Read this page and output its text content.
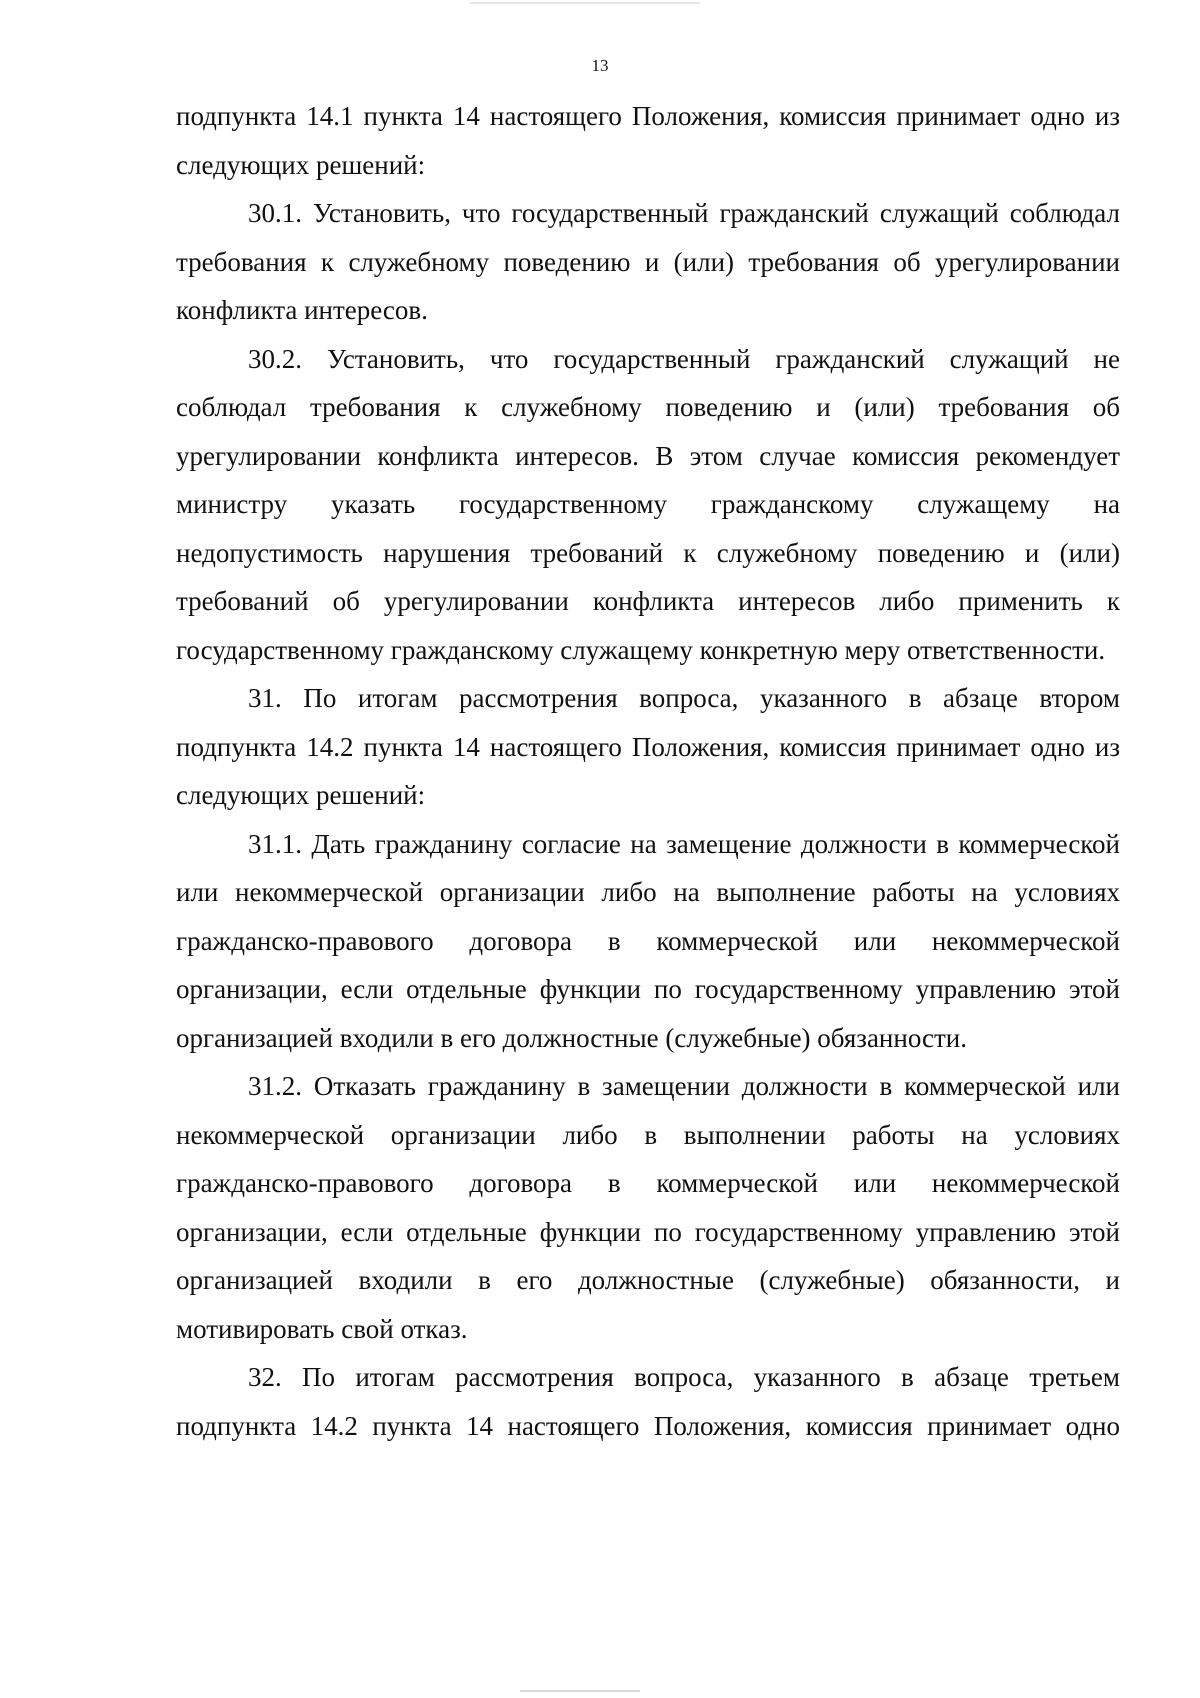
13

подпункта 14.1 пункта 14 настоящего Положения, комиссия принимает одно из следующих решений:

30.1. Установить, что государственный гражданский служащий соблюдал требования к служебному поведению и (или) требования об урегулировании конфликта интересов.

30.2. Установить, что государственный гражданский служащий не соблюдал требования к служебному поведению и (или) требования об урегулировании конфликта интересов. В этом случае комиссия рекомендует министру указать государственному гражданскому служащему на недопустимость нарушения требований к служебному поведению и (или) требований об урегулировании конфликта интересов либо применить к государственному гражданскому служащему конкретную меру ответственности.

31. По итогам рассмотрения вопроса, указанного в абзаце втором подпункта 14.2 пункта 14 настоящего Положения, комиссия принимает одно из следующих решений:

31.1. Дать гражданину согласие на замещение должности в коммерческой или некоммерческой организации либо на выполнение работы на условиях гражданско-правового договора в коммерческой или некоммерческой организации, если отдельные функции по государственному управлению этой организацией входили в его должностные (служебные) обязанности.

31.2. Отказать гражданину в замещении должности в коммерческой или некоммерческой организации либо в выполнении работы на условиях гражданско-правового договора в коммерческой или некоммерческой организации, если отдельные функции по государственному управлению этой организацией входили в его должностные (служебные) обязанности, и мотивировать свой отказ.

32. По итогам рассмотрения вопроса, указанного в абзаце третьем подпункта 14.2 пункта 14 настоящего Положения, комиссия принимает одно
